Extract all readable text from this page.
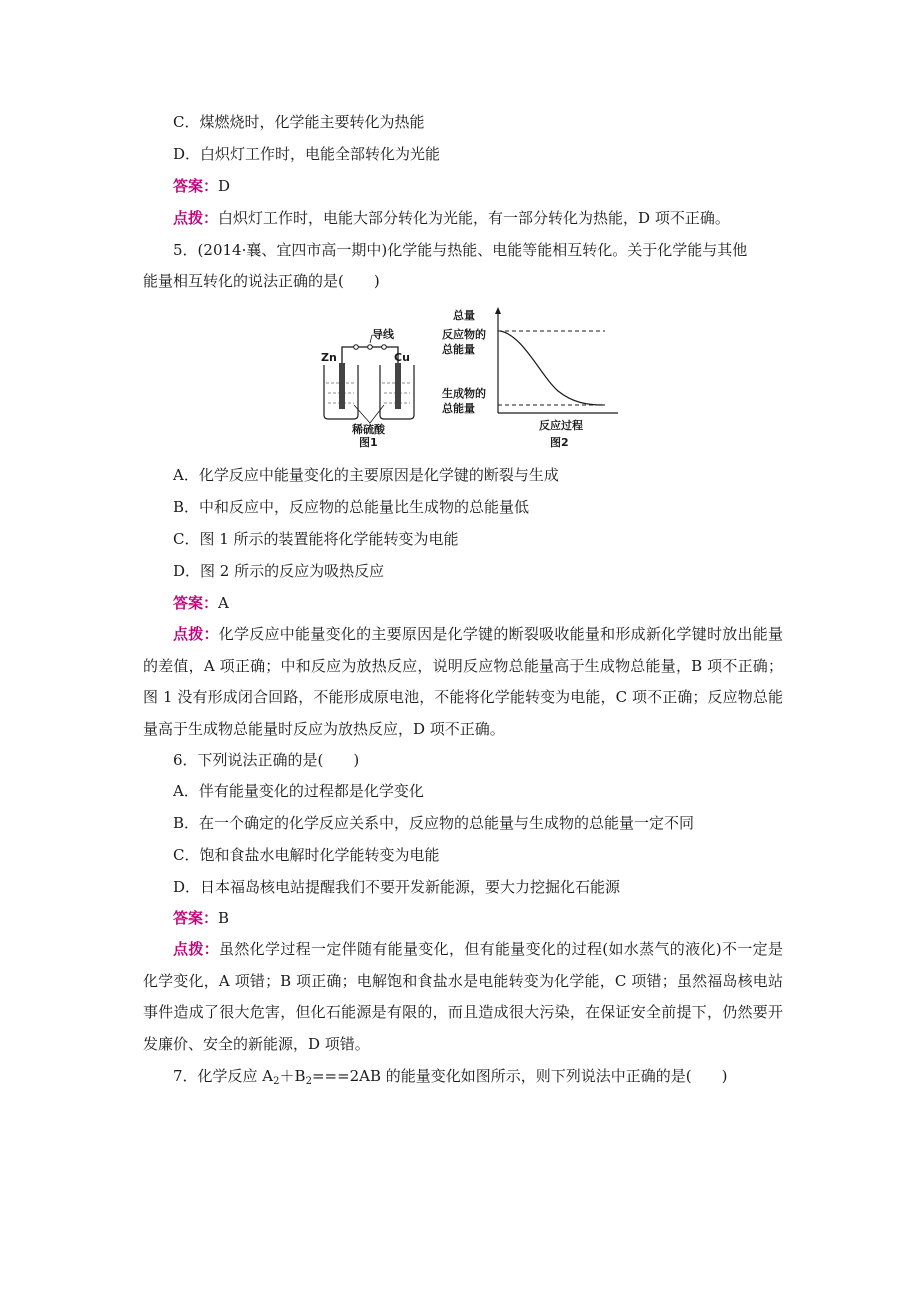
C．煤燃烧时，化学能主要转化为热能
D．白炽灯工作时，电能全部转化为光能
答案：D
点拨：白炽灯工作时，电能大部分转化为光能，有一部分转化为热能，D 项不正确。
5．(2014·襄、宜四市高一期中)化学能与热能、电能等能相互转化。关于化学能与其他
能量相互转化的说法正确的是(　　)
导线
Zn	Cu
稀硫酸
图1
总量
反应物的
总能量
生成物的
总能量
反应过程
图2
A．化学反应中能量变化的主要原因是化学键的断裂与生成
B．中和反应中，反应物的总能量比生成物的总能量低
C．图 1 所示的装置能将化学能转变为电能
D．图 2 所示的反应为吸热反应
答案：A
点拨：化学反应中能量变化的主要原因是化学键的断裂吸收能量和形成新化学键时放出能量的差值，A 项正确；中和反应为放热反应，说明反应物总能量高于生成物总能量，B 项不正确；图 1 没有形成闭合回路，不能形成原电池，不能将化学能转变为电能，C 项不正确；反应物总能量高于生成物总能量时反应为放热反应，D 项不正确。
6．下列说法正确的是(　　)
A．伴有能量变化的过程都是化学变化
B．在一个确定的化学反应关系中，反应物的总能量与生成物的总能量一定不同
C．饱和食盐水电解时化学能转变为电能
D．日本福岛核电站提醒我们不要开发新能源，要大力挖掘化石能源
答案：B
点拨：虽然化学过程一定伴随有能量变化，但有能量变化的过程(如水蒸气的液化)不一定是化学变化，A 项错；B 项正确；电解饱和食盐水是电能转变为化学能，C 项错；虽然福岛核电站事件造成了很大危害，但化石能源是有限的，而且造成很大污染，在保证安全前提下，仍然要开发廉价、安全的新能源，D 项错。
7．化学反应 $A_2+B_2===2AB$ 的能量变化如图所示，则下列说法中正确的是(　　)
